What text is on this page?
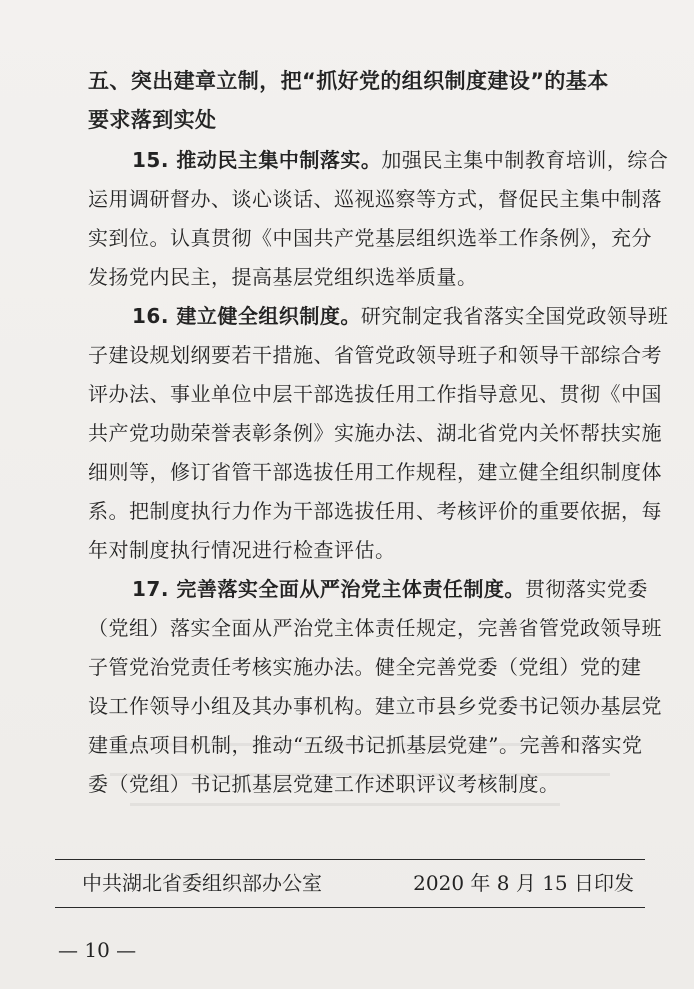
五、突出建章立制，把“抓好党的组织制度建设”的基本
要求落到实处
15. 推动民主集中制落实。加强民主集中制教育培训，综合
运用调研督办、谈心谈话、巡视巡察等方式，督促民主集中制落
实到位。认真贯彻《中国共产党基层组织选举工作条例》，充分
发扬党内民主，提高基层党组织选举质量。
16. 建立健全组织制度。研究制定我省落实全国党政领导班
子建设规划纲要若干措施、省管党政领导班子和领导干部综合考
评办法、事业单位中层干部选拔任用工作指导意见、贯彻《中国
共产党功勋荣誉表彰条例》实施办法、湖北省党内关怀帮扶实施
细则等，修订省管干部选拔任用工作规程，建立健全组织制度体
系。把制度执行力作为干部选拔任用、考核评价的重要依据，每
年对制度执行情况进行检查评估。
17. 完善落实全面从严治党主体责任制度。贯彻落实党委
（党组）落实全面从严治党主体责任规定，完善省管党政领导班
子管党治党责任考核实施办法。健全完善党委（党组）党的建
设工作领导小组及其办事机构。建立市县乡党委书记领办基层党
建重点项目机制，推动“五级书记抓基层党建”。完善和落实党
委（党组）书记抓基层党建工作述职评议考核制度。
中共湖北省委组织部办公室	2020 年 8 月 15 日印发
— 10 —
